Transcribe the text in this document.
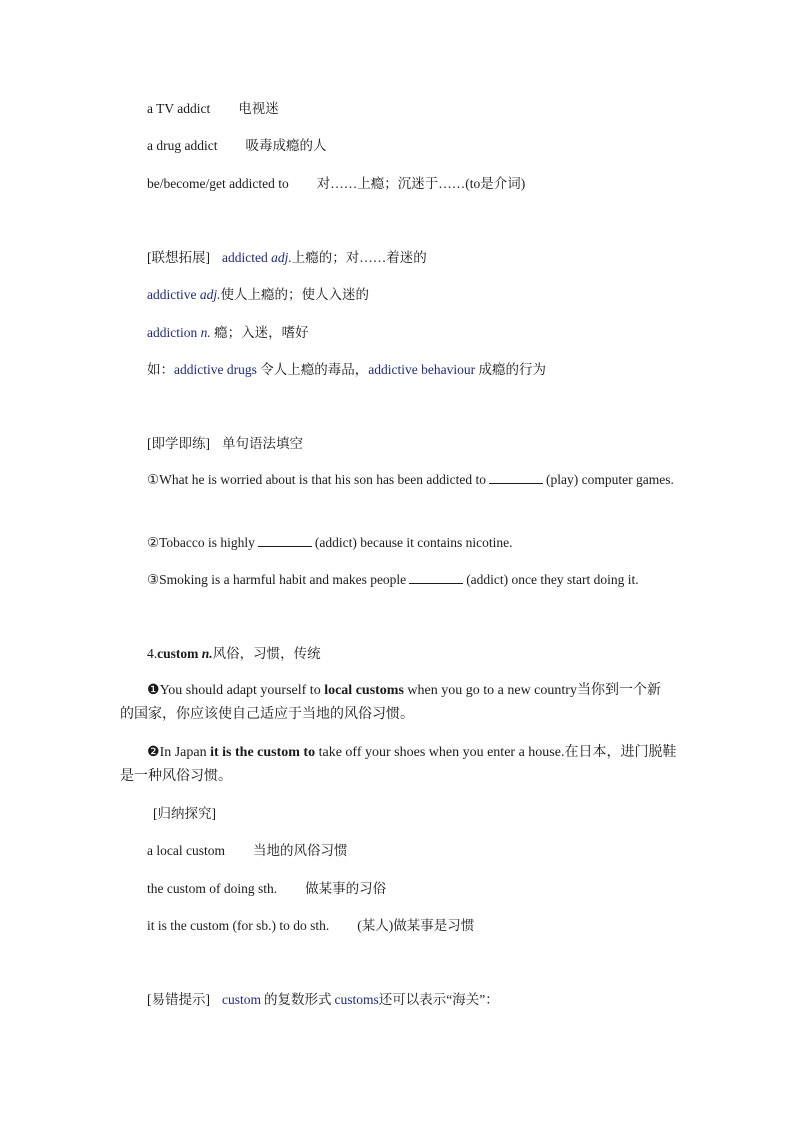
a TV addict 电视迷
a drug addict 吸毒成瘾的人
be/become/get addicted to 对……上瘾；沉迷于……(to是介词)
[联想拓展] addicted adj.上瘾的；对……着迷的
addictive adj.使人上瘾的；使人入迷的
addiction n. 瘾；入迷，嗜好
如：addictive drugs 令人上瘾的毒品，addictive behaviour 成瘾的行为
[即学即练] 单句语法填空
①What he is worried about is that his son has been addicted to	(play) computer games.
②Tobacco is highly	(addict) because it contains nicotine.
③Smoking is a harmful habit and makes people	(addict) once they start doing it.
4.custom n.风俗，习惯，传统
❶You should adapt yourself to local customs when you go to a new country当你到一个新
的国家，你应该使自己适应于当地的风俗习惯。
❷In Japan it is the custom to take off your shoes when you enter a house.在日本，进门脱鞋
是一种风俗习惯。
[归纳探究]
a local custom 当地的风俗习惯
the custom of doing sth. 做某事的习俗
it is the custom (for sb.) to do sth. (某人)做某事是习惯
[易错提示] custom 的复数形式 customs还可以表示“海关”：
